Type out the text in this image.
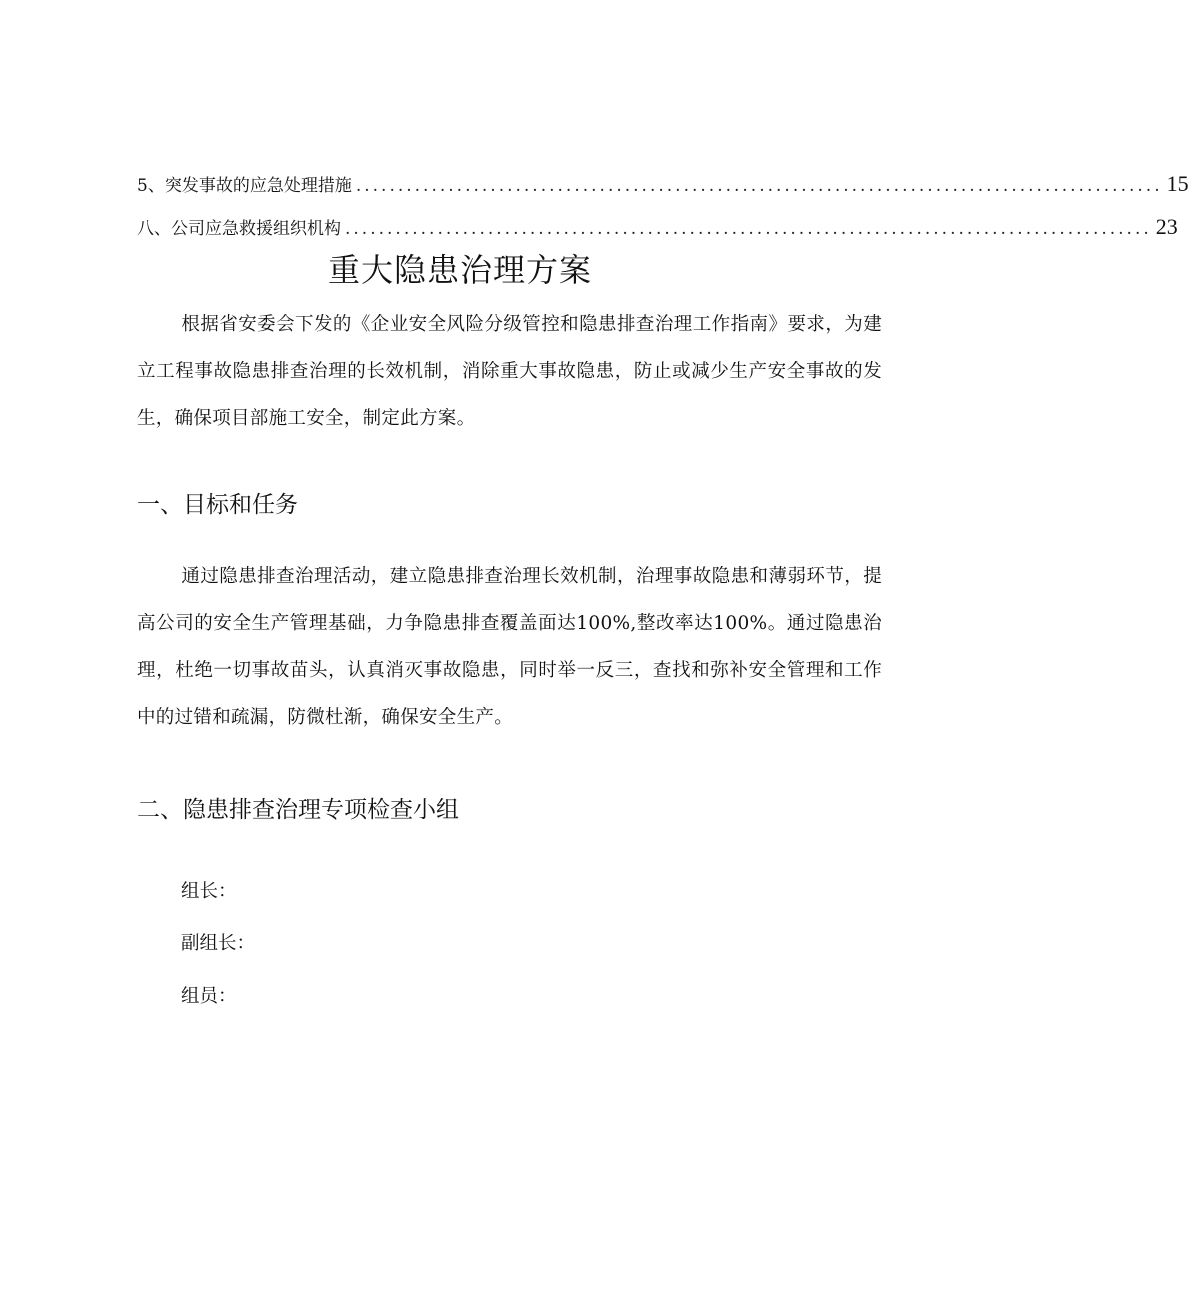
5、突发事故的应急处理措施 ................................................................................................ 15
八、公司应急救援组织机构 ................................................................................................ 23
重大隐患治理方案

根据省安委会下发的《企业安全风险分级管控和隐患排查治理工作指南》要求，为建立工程事故隐患排查治理的长效机制，消除重大事故隐患，防止或减少生产安全事故的发生，确保项目部施工安全，制定此方案。

一、目标和任务

通过隐患排查治理活动，建立隐患排查治理长效机制，治理事故隐患和薄弱环节，提高公司的安全生产管理基础，力争隐患排查覆盖面达100%,整改率达100%。通过隐患治理，杜绝一切事故苗头，认真消灭事故隐患，同时举一反三，查找和弥补安全管理和工作中的过错和疏漏，防微杜渐，确保安全生产。

二、隐患排查治理专项检查小组
组长：
副组长：
组员：
